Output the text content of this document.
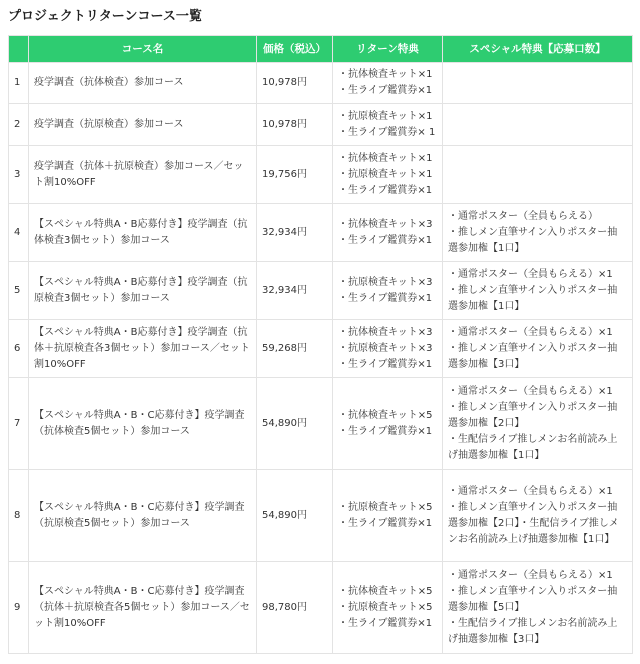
プロジェクトリターンコース一覧
	コース名	価格（税込）	リターン特典	スペシャル特典【応募口数】
1	疫学調査（抗体検査）参加コース	10,978円	・抗体検査キット×1
・生ライブ鑑賞券×1	

2	疫学調査（抗原検査）参加コース	10,978円	・抗原検査キット×1
・生ライブ鑑賞券× 1	

3	疫学調査（抗体＋抗原検査）参加コース／セット割10%OFF	19,756円	・抗体検査キット×1
・抗原検査キット×1
・生ライブ鑑賞券×1	

4	【スペシャル特典A・B応募付き】疫学調査（抗体検査3個セット）参加コース	32,934円	・抗体検査キット×3
・生ライブ鑑賞券×1	・通常ポスター（全員もらえる）
・推しメン直筆サイン入りポスター抽選参加権【1口】

5	【スペシャル特典A・B応募付き】疫学調査（抗原検査3個セット）参加コース	32,934円	・抗原検査キット×3
・生ライブ鑑賞券×1	・通常ポスター（全員もらえる）×1
・推しメン直筆サイン入りポスター抽選参加権【1口】

6	【スペシャル特典A・B応募付き】疫学調査（抗体＋抗原検査各3個セット）参加コース／セット割10%OFF	59,268円	・抗体検査キット×3
・抗原検査キット×3
・生ライブ鑑賞券×1	・通常ポスター（全員もらえる）×1
・推しメン直筆サイン入りポスター抽選参加権【3口】

7	【スペシャル特典A・B・C応募付き】疫学調査（抗体検査5個セット）参加コース	54,890円	・抗体検査キット×5
・生ライブ鑑賞券×1	・通常ポスター（全員もらえる）×1
・推しメン直筆サイン入りポスター抽選参加権【2口】
・生配信ライブ推しメンお名前読み上げ抽選参加権【1口】

8	【スペシャル特典A・B・C応募付き】疫学調査（抗原検査5個セット）参加コース	54,890円	・抗原検査キット×5
・生ライブ鑑賞券×1	・通常ポスター（全員もらえる）×1
・推しメン直筆サイン入りポスター抽選参加権【2口】・生配信ライブ推しメンお名前読み上げ抽選参加権【1口】

9	【スペシャル特典A・B・C応募付き】疫学調査（抗体＋抗原検査各5個セット）参加コース／セット割10%OFF	98,780円	・抗体検査キット×5
・抗原検査キット×5
・生ライブ鑑賞券×1	・通常ポスター（全員もらえる）×1
・推しメン直筆サイン入りポスター抽選参加権【5口】
・生配信ライブ推しメンお名前読み上げ抽選参加権【3口】
